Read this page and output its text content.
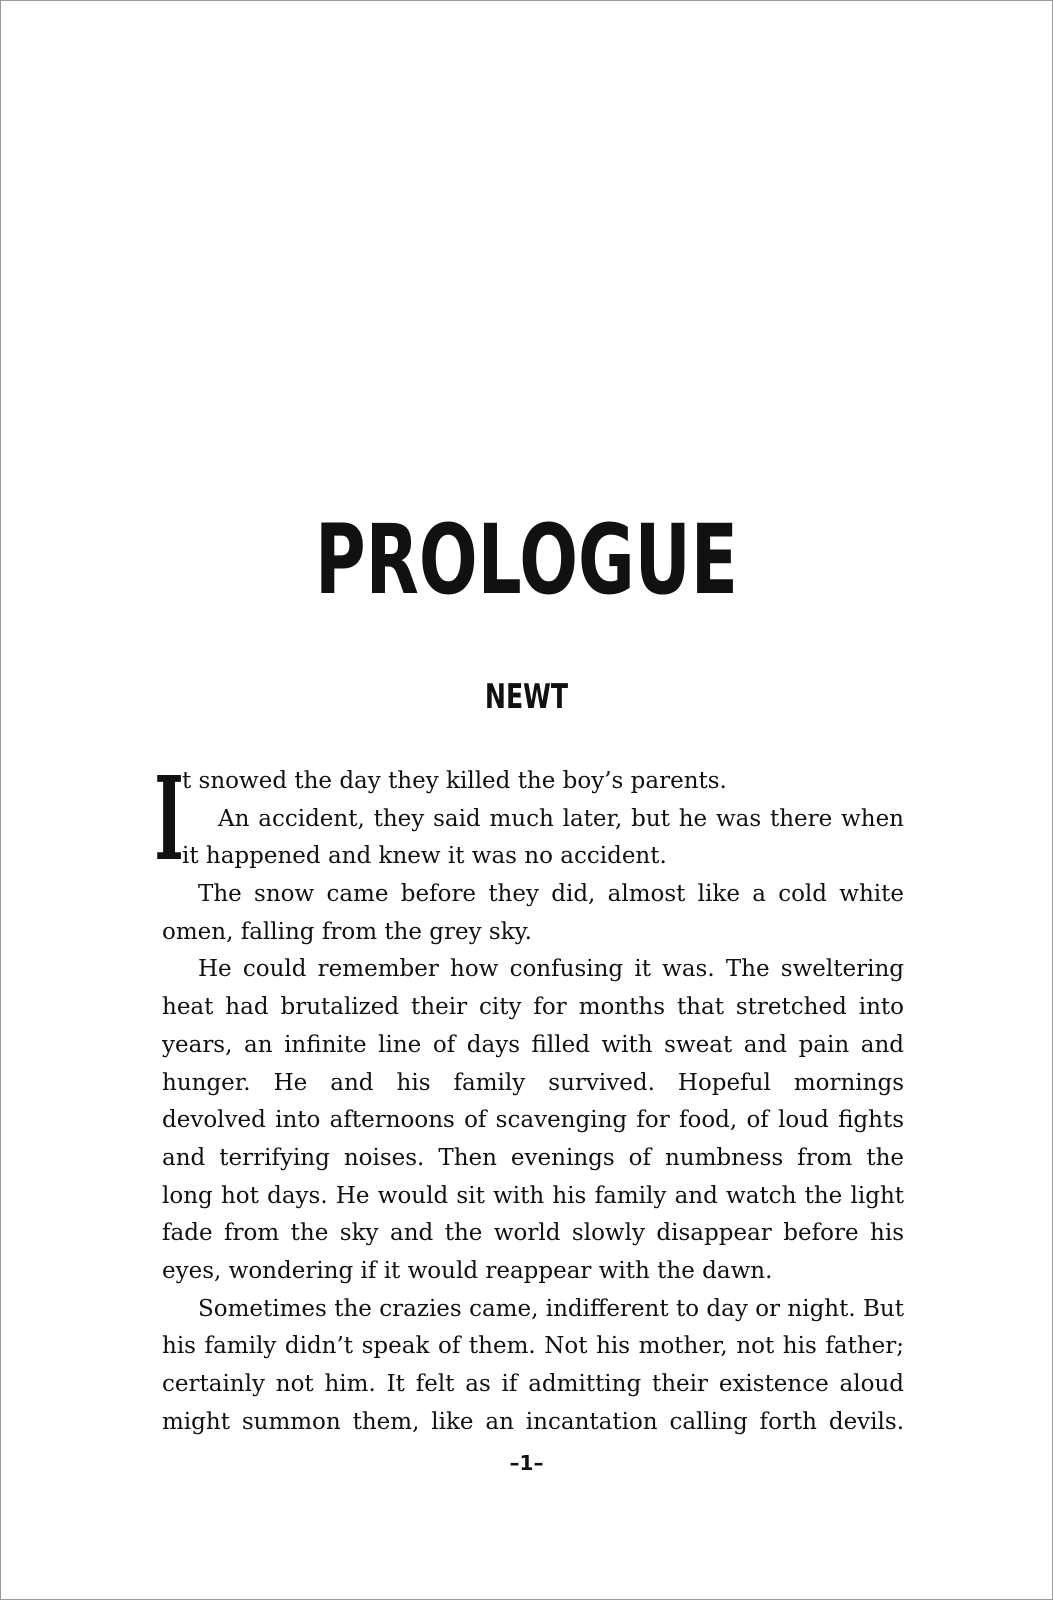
PROLOGUE
NEWT
I
t snowed the day they killed the boy’s parents.
An accident, they said much later, but he was there when
it happened and knew it was no accident.
The snow came before they did, almost like a cold white
omen, falling from the grey sky.
He could remember how confusing it was. The sweltering
heat had brutalized their city for months that stretched into
years, an infinite line of days filled with sweat and pain and
hunger. He and his family survived. Hopeful mornings
devolved into afternoons of scavenging for food, of loud fights
and terrifying noises. Then evenings of numbness from the
long hot days. He would sit with his family and watch the light
fade from the sky and the world slowly disappear before his
eyes, wondering if it would reappear with the dawn.
Sometimes the crazies came, indifferent to day or night. But
his family didn’t speak of them. Not his mother, not his father;
certainly not him. It felt as if admitting their existence aloud
might summon them, like an incantation calling forth devils.
–1–
